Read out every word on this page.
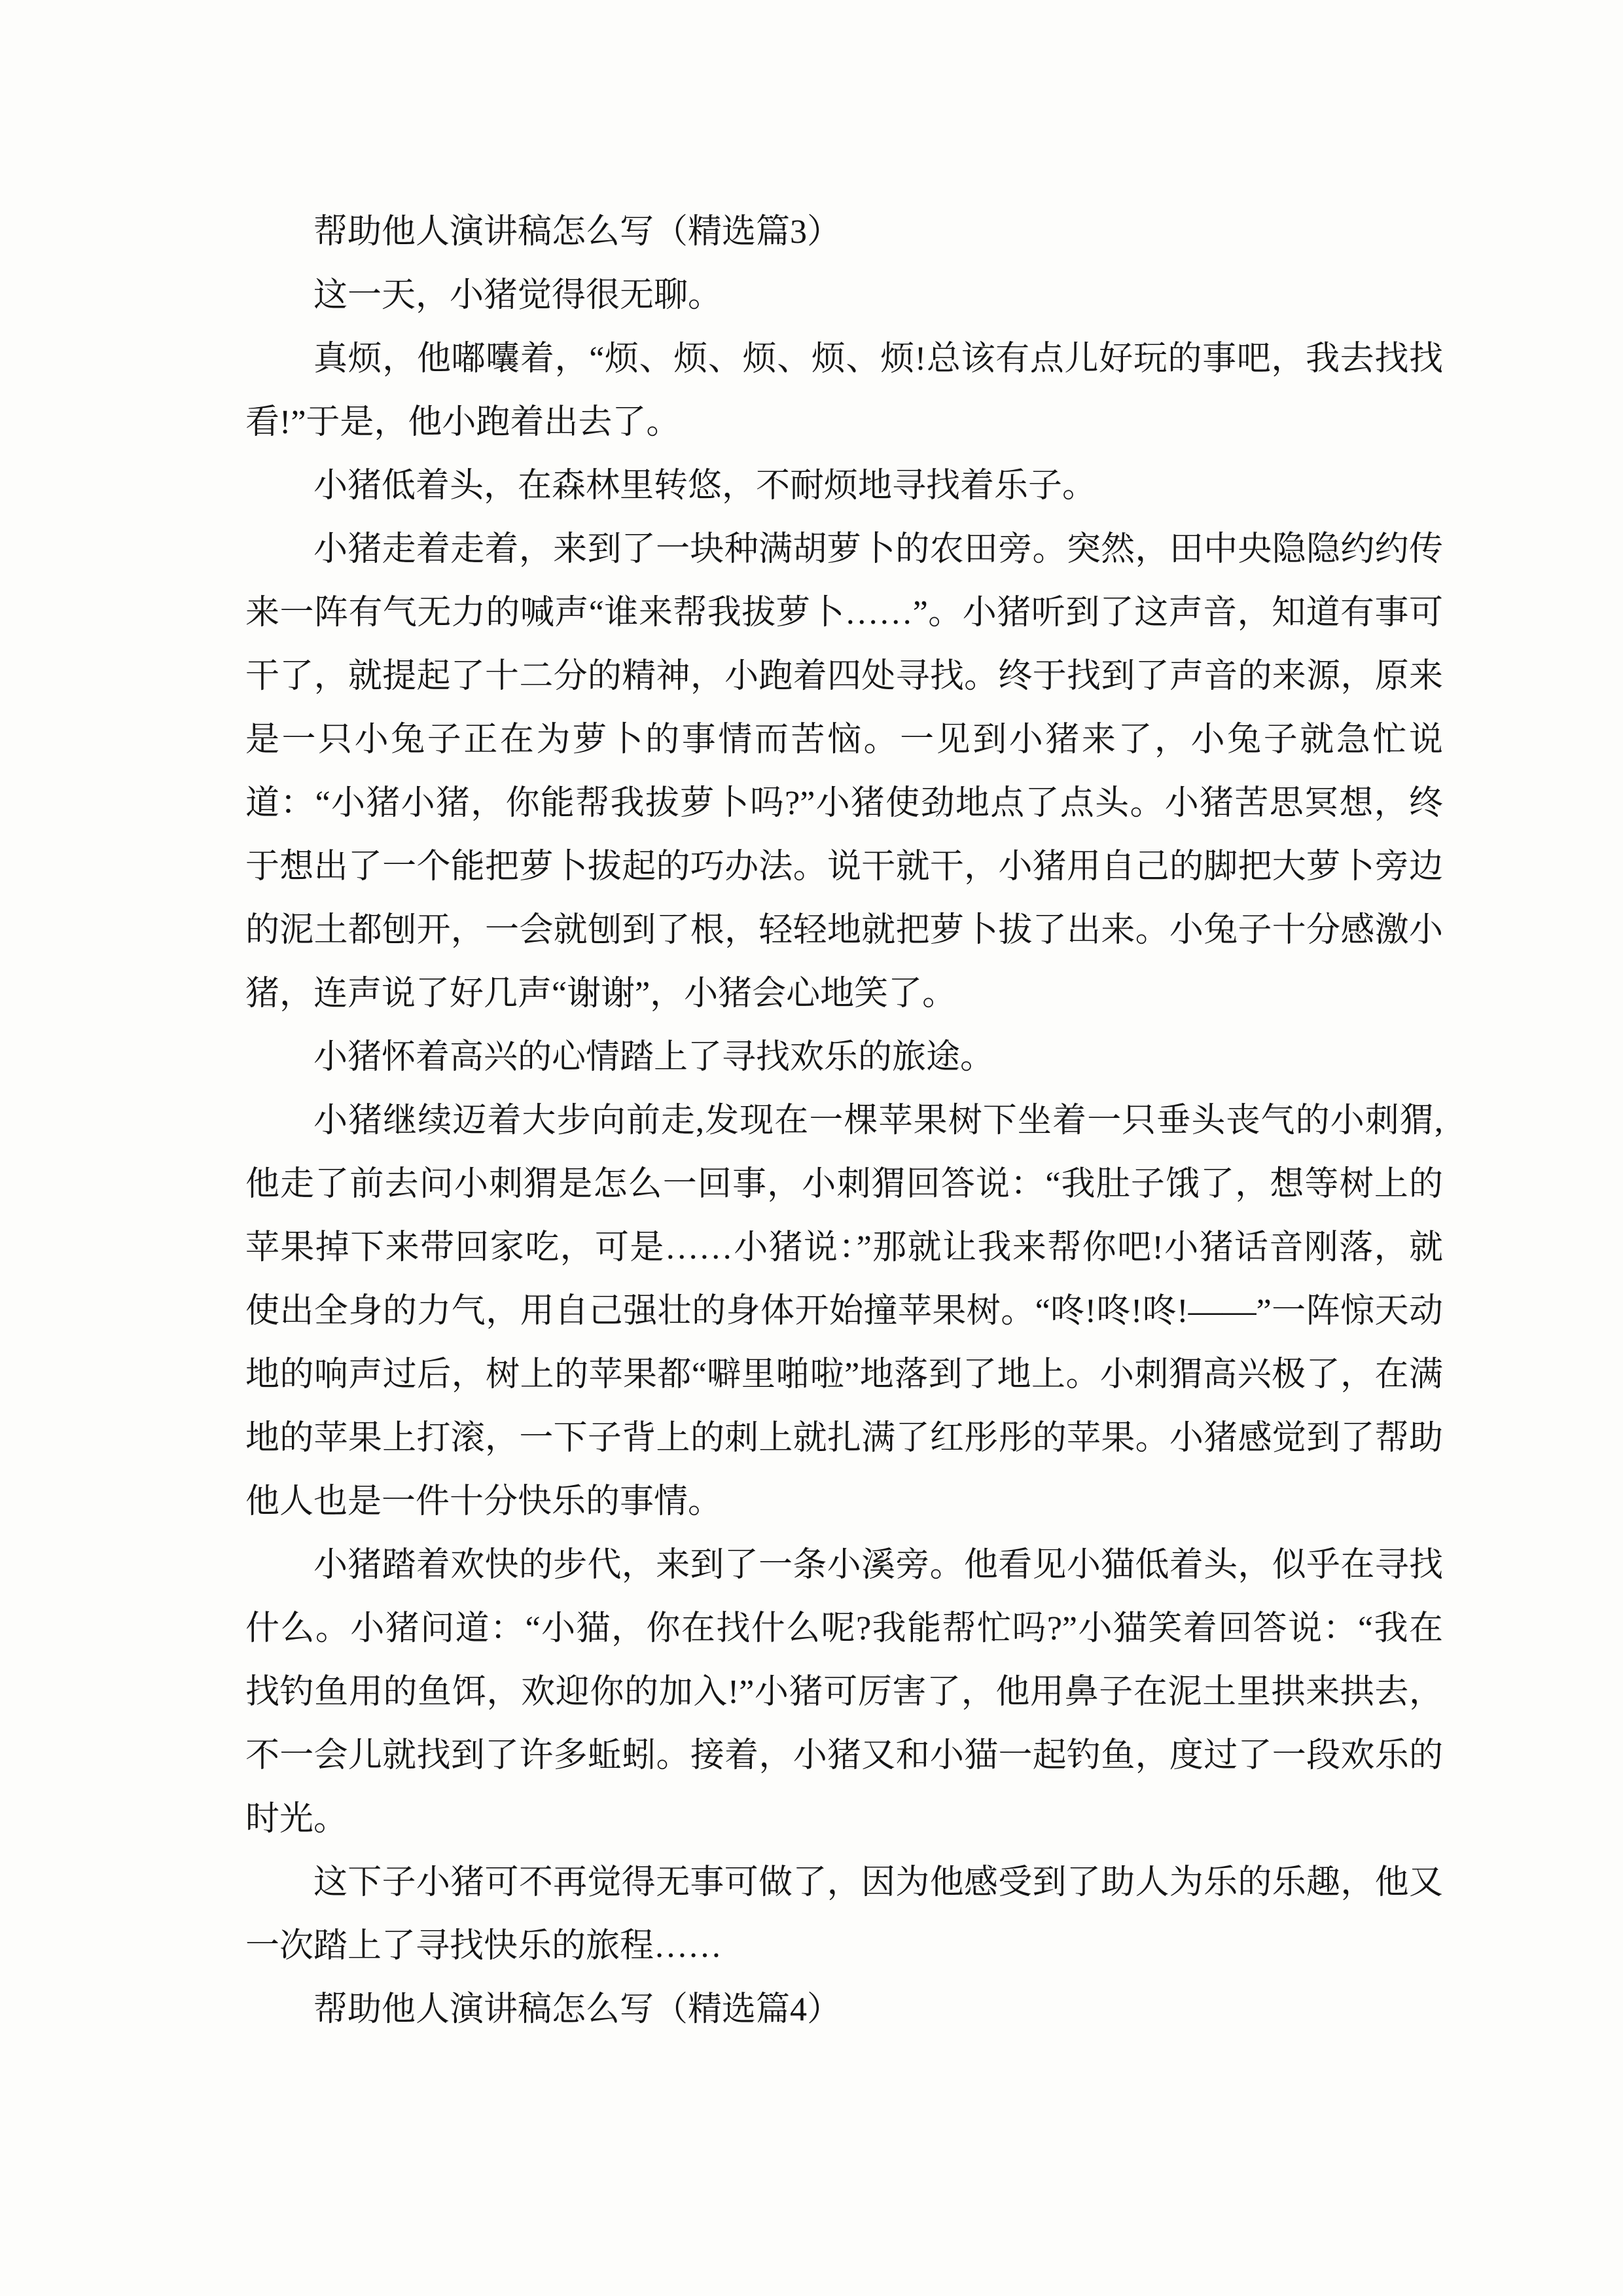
帮助他人演讲稿怎么写（精选篇3）

这一天，小猪觉得很无聊。

真烦，他嘟囔着，“烦、烦、烦、烦、烦!总该有点儿好玩的事吧，我去找找看!”于是，他小跑着出去了。

小猪低着头，在森林里转悠，不耐烦地寻找着乐子。

小猪走着走着，来到了一块种满胡萝卜的农田旁。突然，田中央隐隐约约传来一阵有气无力的喊声“谁来帮我拔萝卜……”。小猪听到了这声音，知道有事可干了，就提起了十二分的精神，小跑着四处寻找。终于找到了声音的来源，原来是一只小兔子正在为萝卜的事情而苦恼。一见到小猪来了，小兔子就急忙说道：“小猪小猪，你能帮我拔萝卜吗?”小猪使劲地点了点头。小猪苦思冥想，终于想出了一个能把萝卜拔起的巧办法。说干就干，小猪用自己的脚把大萝卜旁边的泥土都刨开，一会就刨到了根，轻轻地就把萝卜拔了出来。小兔子十分感激小猪，连声说了好几声“谢谢”，小猪会心地笑了。

小猪怀着高兴的心情踏上了寻找欢乐的旅途。

小猪继续迈着大步向前走,发现在一棵苹果树下坐着一只垂头丧气的小刺猬,他走了前去问小刺猬是怎么一回事，小刺猬回答说：“我肚子饿了，想等树上的苹果掉下来带回家吃，可是……小猪说：”那就让我来帮你吧!小猪话音刚落，就使出全身的力气，用自己强壮的身体开始撞苹果树。“咚!咚!咚!——”一阵惊天动地的响声过后，树上的苹果都“噼里啪啦”地落到了地上。小刺猬高兴极了，在满地的苹果上打滚，一下子背上的刺上就扎满了红彤彤的苹果。小猪感觉到了帮助他人也是一件十分快乐的事情。

小猪踏着欢快的步代，来到了一条小溪旁。他看见小猫低着头，似乎在寻找什么。小猪问道：“小猫，你在找什么呢?我能帮忙吗?”小猫笑着回答说：“我在找钓鱼用的鱼饵，欢迎你的加入!”小猪可厉害了，他用鼻子在泥土里拱来拱去，不一会儿就找到了许多蚯蚓。接着，小猪又和小猫一起钓鱼，度过了一段欢乐的时光。

这下子小猪可不再觉得无事可做了，因为他感受到了助人为乐的乐趣，他又一次踏上了寻找快乐的旅程……

帮助他人演讲稿怎么写（精选篇4）
